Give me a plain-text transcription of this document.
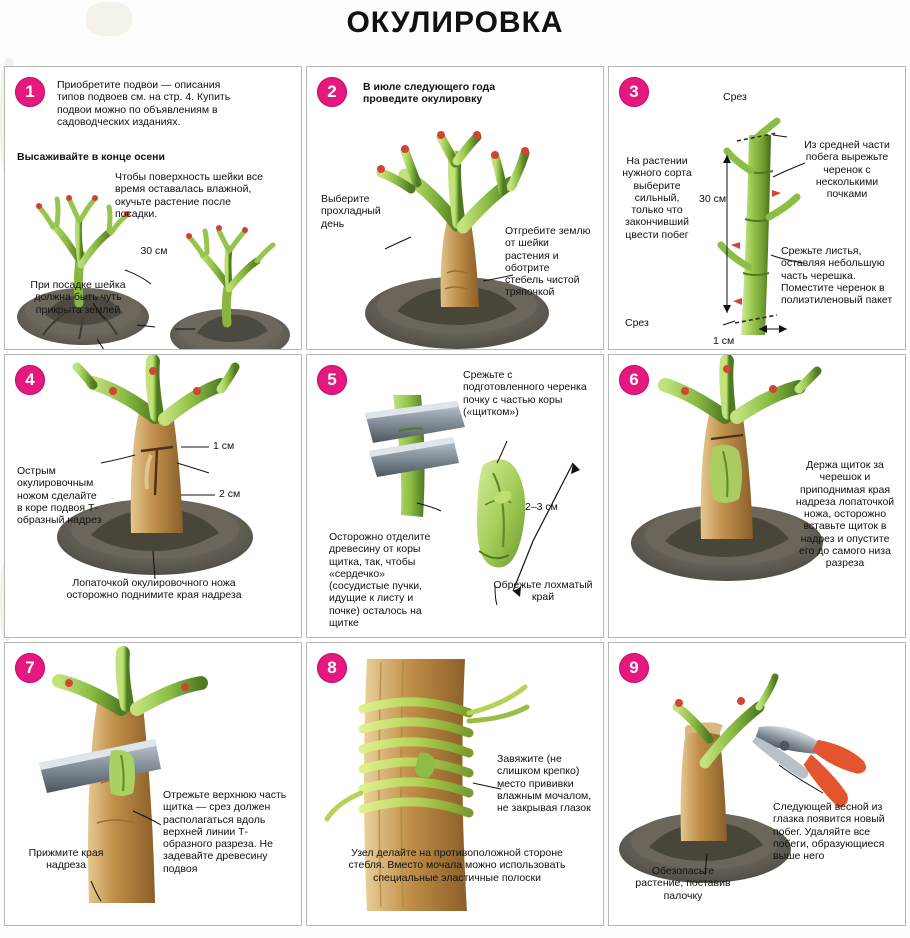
ОКУЛИРОВКА
1	Приобретите подвои — описания типов подвоев см. на стр. 4. Купить подвои можно по объявлениям в садоводческих изданиях.
Высаживайте в конце осени
Чтобы поверхность шейки все время оставалась влажной, окучьте растение после посадки.
30 см
При посадке шейка должна быть чуть прикрыта землей
2	В июле следующего года проведите окулировку
Выберите прохладный день
Отгребите землю от шейки растения и оботрите стебель чистой тряпочкой
3
На растении нужного сорта выберите сильный, только что закончивший цвести побег
Срез
Срез
30 см
1 см
Из средней части побега вырежьте черенок с несколькими почками
Срежьте листья, оставляя небольшую часть черешка. Поместите черенок в полиэтиленовый пакет
4
Острым окулировочным ножом сделайте в коре подвоя Т-образный надрез
1 см
2 см
Лопаточкой окулировочного ножа осторожно поднимите края надреза
5	Срежьте с подготовленного черенка почку с частью коры («щитком»)
Осторожно отделите древесину от коры щитка, так, чтобы «сердечко» (сосудистые пучки, идущие к листу и почке) осталось на щитке
2–3 см
Обрежьте лохматый край
6
Держа щиток за черешок и приподнимая края надреза лопаточкой ножа, осторожно вставьте щиток в надрез и опустите его до самого низа разреза
7
Отрежьте верхнюю часть щитка — срез должен располагаться вдоль верхней линии Т-образного разреза. Не задевайте древесину подвоя
Прижмите края надреза
8
Завяжите (не слишком крепко) место прививки влажным мочалом, не закрывая глазок
Узел делайте на противоположной стороне стебля. Вместо мочала можно использовать специальные эластичные полоски
9
Обезопасьте растение, поставив палочку
Следующей весной из глазка появится новый побег. Удаляйте все побеги, образующиеся выше него
